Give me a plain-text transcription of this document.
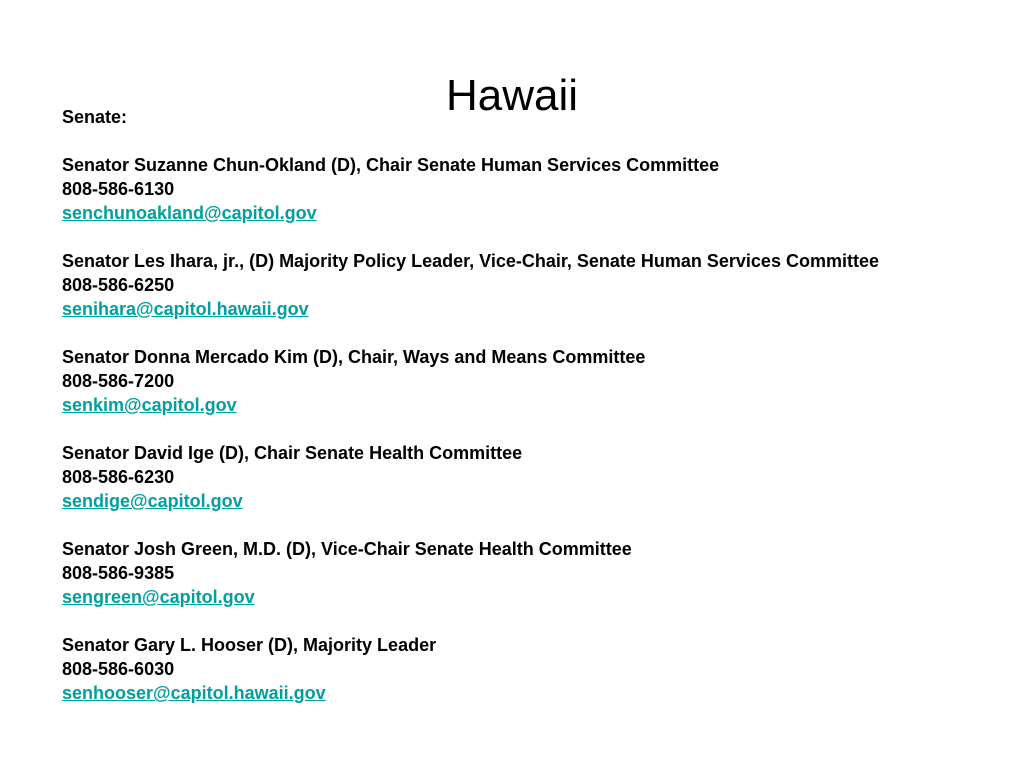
Hawaii

Senate:

Senator Suzanne Chun-Okland (D), Chair Senate Human Services Committee

808-586-6130

senchunoakland@capitol.gov

Senator Les Ihara, jr., (D) Majority Policy Leader, Vice-Chair, Senate Human Services Committee

808-586-6250

senihara@capitol.hawaii.gov

Senator Donna Mercado Kim (D), Chair, Ways and Means Committee

808-586-7200

senkim@capitol.gov

Senator David Ige (D), Chair Senate Health Committee

808-586-6230

sendige@capitol.gov

Senator Josh Green, M.D. (D), Vice-Chair Senate Health Committee

808-586-9385

sengreen@capitol.gov

Senator Gary L. Hooser (D), Majority Leader

808-586-6030

senhooser@capitol.hawaii.gov
